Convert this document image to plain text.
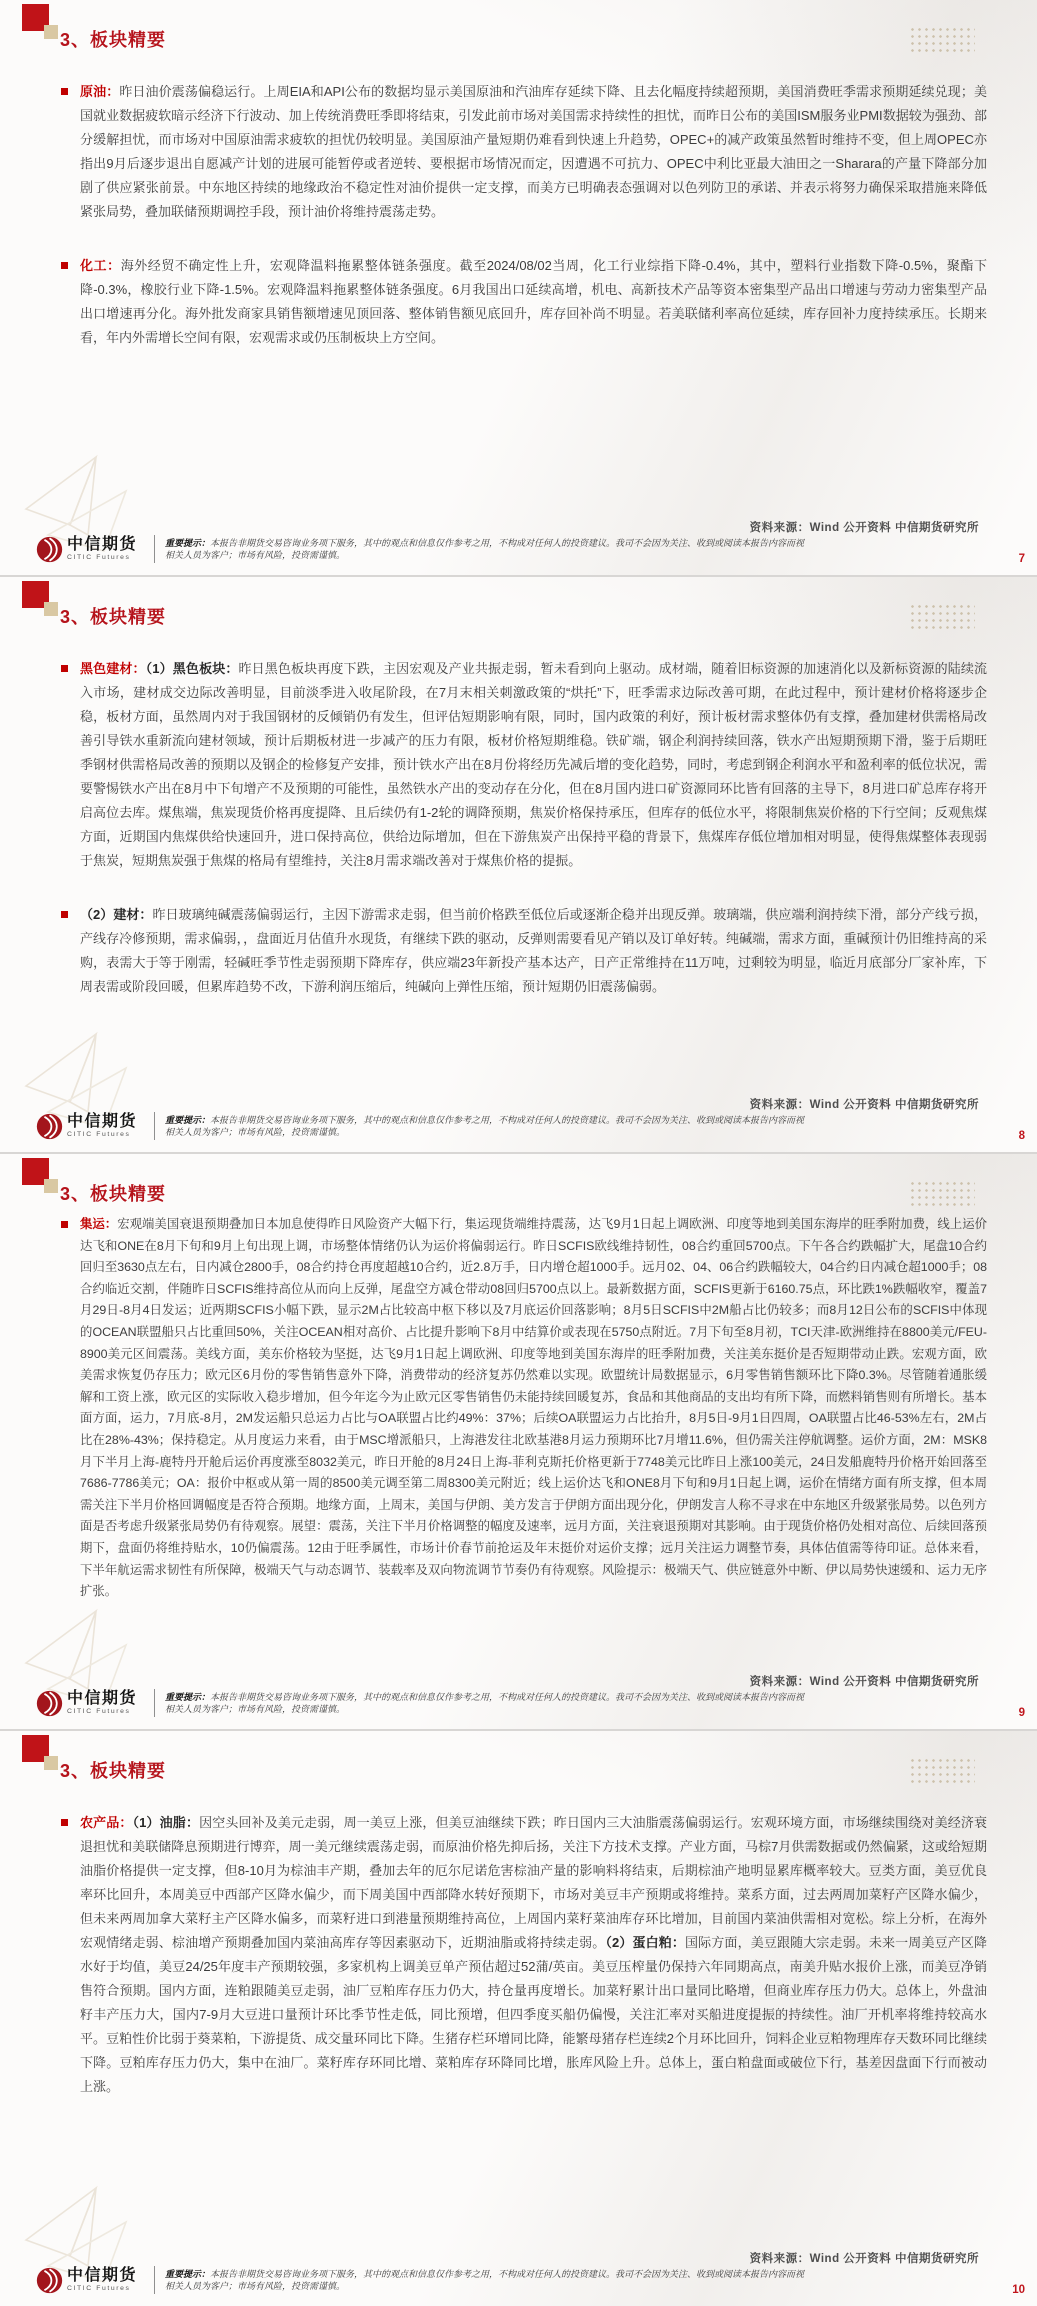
3、板块精要

原油：昨日油价震荡偏稳运行。上周EIA和API公布的数据均显示美国原油和汽油库存延续下降、且去化幅度持续超预期，美国消费旺季需求预期延续兑现；美国就业数据疲软暗示经济下行波动、加上传统消费旺季即将结束，引发此前市场对美国需求持续性的担忧，而昨日公布的美国ISM服务业PMI数据较为强劲、部分缓解担忧，而市场对中国原油需求疲软的担忧仍较明显。美国原油产量短期仍难看到快速上升趋势，OPEC+的减产政策虽然暂时维持不变，但上周OPEC亦指出9月后逐步退出自愿减产计划的进展可能暂停或者逆转、要根据市场情况而定，因遭遇不可抗力、OPEC中利比亚最大油田之一Sharara的产量下降部分加剧了供应紧张前景。中东地区持续的地缘政治不稳定性对油价提供一定支撑，而美方已明确表态强调对以色列防卫的承诺、并表示将努力确保采取措施来降低紧张局势，叠加联储预期调控手段，预计油价将维持震荡走势。

化工：海外经贸不确定性上升，宏观降温料拖累整体链条强度。截至2024/08/02当周，化工行业综指下降-0.4%，其中，塑料行业指数下降-0.5%，聚酯下降-0.3%，橡胶行业下降-1.5%。宏观降温料拖累整体链条强度。6月我国出口延续高增，机电、高新技术产品等资本密集型产品出口增速与劳动力密集型产品出口增速再分化。海外批发商家具销售额增速见顶回落、整体销售额见底回升，库存回补尚不明显。若美联储利率高位延续，库存回补力度持续承压。长期来看，年内外需增长空间有限，宏观需求或仍压制板块上方空间。

资料来源：Wind 公开资料 中信期货研究所
中信期货
CITIC Futures
重要提示：本报告非期货交易咨询业务项下服务，其中的观点和信息仅作参考之用，不构成对任何人的投资建议。我司不会因为关注、收到或阅读本报告内容而视相关人员为客户；市场有风险，投资需谨慎。	7
3、板块精要

黑色建材：（1）黑色板块：昨日黑色板块再度下跌，主因宏观及产业共振走弱，暂未看到向上驱动。成材端，随着旧标资源的加速消化以及新标资源的陆续流入市场，建材成交边际改善明显，目前淡季进入收尾阶段，在7月末相关刺激政策的“烘托”下，旺季需求边际改善可期，在此过程中，预计建材价格将逐步企稳，板材方面，虽然周内对于我国钢材的反倾销仍有发生，但评估短期影响有限，同时，国内政策的利好，预计板材需求整体仍有支撑，叠加建材供需格局改善引导铁水重新流向建材领域，预计后期板材进一步减产的压力有限，板材价格短期维稳。铁矿端，钢企利润持续回落，铁水产出短期预期下滑，鉴于后期旺季钢材供需格局改善的预期以及钢企的检修复产安排，预计铁水产出在8月份将经历先减后增的变化趋势，同时，考虑到钢企利润水平和盈利率的低位状况，需要警惕铁水产出在8月中下旬增产不及预期的可能性，虽然铁水产出的变动存在分化，但在8月国内进口矿资源同环比皆有回落的主导下，8月进口矿总库存将开启高位去库。煤焦端，焦炭现货价格再度提降、且后续仍有1-2轮的调降预期，焦炭价格保持承压，但库存的低位水平，将限制焦炭价格的下行空间；反观焦煤方面，近期国内焦煤供给快速回升，进口保持高位，供给边际增加，但在下游焦炭产出保持平稳的背景下，焦煤库存低位增加相对明显，使得焦煤整体表现弱于焦炭，短期焦炭强于焦煤的格局有望维持，关注8月需求端改善对于煤焦价格的提振。

（2）建材：昨日玻璃纯碱震荡偏弱运行，主因下游需求走弱，但当前价格跌至低位后或逐渐企稳并出现反弹。玻璃端，供应端利润持续下滑，部分产线亏损，产线存冷修预期，需求偏弱，，盘面近月估值升水现货，有继续下跌的驱动，反弹则需要看见产销以及订单好转。纯碱端，需求方面，重碱预计仍旧维持高的采购，表需大于等于刚需，轻碱旺季节性走弱预期下降库存，供应端23年新投产基本达产，日产正常维持在11万吨，过剩较为明显，临近月底部分厂家补库，下周表需或阶段回暖，但累库趋势不改，下游利润压缩后，纯碱向上弹性压缩，预计短期仍旧震荡偏弱。

资料来源：Wind 公开资料 中信期货研究所
中信期货
CITIC Futures
重要提示：本报告非期货交易咨询业务项下服务，其中的观点和信息仅作参考之用，不构成对任何人的投资建议。我司不会因为关注、收到或阅读本报告内容而视相关人员为客户；市场有风险，投资需谨慎。	8
3、板块精要

集运：宏观端美国衰退预期叠加日本加息使得昨日风险资产大幅下行，集运现货端维持震荡，达飞9月1日起上调欧洲、印度等地到美国东海岸的旺季附加费，线上运价达飞和ONE在8月下旬和9月上旬出现上调，市场整体情绪仍认为运价将偏弱运行。昨日SCFIS欧线维持韧性，08合约重回5700点。下午各合约跌幅扩大，尾盘10合约回归至3630点左右，日内减仓2800手，08合约持仓再度超越10合约，近2.8万手，日内增仓超1000手。远月02、04、06合约跌幅较大，04合约日内减仓超1000手；08合约临近交割，伴随昨日SCFIS维持高位从而向上反弹，尾盘空方减仓带动08回归5700点以上。最新数据方面，SCFIS更新于6160.75点，环比跌1%跌幅收窄，覆盖7月29日-8月4日发运；近两期SCFIS小幅下跌，显示2M占比较高中枢下移以及7月底运价回落影响；8月5日SCFIS中2M船占比仍较多；而8月12日公布的SCFIS中体现的OCEAN联盟船只占比重回50%，关注OCEAN相对高价、占比提升影响下8月中结算价或表现在5750点附近。7月下旬至8月初，TCI天津-欧洲维持在8800美元/FEU-8900美元区间震荡。美线方面，美东价格较为坚挺，达飞9月1日起上调欧洲、印度等地到美国东海岸的旺季附加费，关注美东挺价是否短期带动止跌。宏观方面，欧美需求恢复仍存压力；欧元区6月份的零售销售意外下降，消费带动的经济复苏仍然难以实现。欧盟统计局数据显示，6月零售销售额环比下降0.3%。尽管随着通胀缓解和工资上涨，欧元区的实际收入稳步增加，但今年迄今为止欧元区零售销售仍未能持续回暖复苏，食品和其他商品的支出均有所下降，而燃料销售则有所增长。基本面方面，运力，7月底-8月，2M发运船只总运力占比与OA联盟占比约49%：37%；后续OA联盟运力占比抬升，8月5日-9月1日四周，OA联盟占比46-53%左右，2M占比在28%-43%；保持稳定。从月度运力来看，由于MSC增派船只，上海港发往北欧基港8月运力预期环比7月增11.6%，但仍需关注停航调整。运价方面，2M：MSK8月下半月上海-鹿特丹开舱后运价再度涨至8032美元，昨日开舱的8月24日上海-菲利克斯托价格更新于7748美元比昨日上涨100美元，24日发船鹿特丹价格开始回落至7686-7786美元；OA：报价中枢或从第一周的8500美元调至第二周8300美元附近；线上运价达飞和ONE8月下旬和9月1日起上调，运价在情绪方面有所支撑，但本周需关注下半月价格回调幅度是否符合预期。地缘方面，上周末，美国与伊朗、美方发言于伊朗方面出现分化，伊朗发言人称不寻求在中东地区升级紧张局势。以色列方面是否考虑升级紧张局势仍有待观察。展望：震荡，关注下半月价格调整的幅度及速率，远月方面，关注衰退预期对其影响。由于现货价格仍处相对高位、后续回落预期下，盘面仍将维持贴水，10仍偏震荡。12由于旺季属性，市场计价春节前抢运及年末挺价对运价支撑；远月关注运力调整节奏，具体估值需等待印证。总体来看，下半年航运需求韧性有所保障，极端天气与动态调节、装载率及双向物流调节节奏仍有待观察。风险提示：极端天气、供应链意外中断、伊以局势快速缓和、运力无序扩张。

资料来源：Wind 公开资料 中信期货研究所
中信期货
CITIC Futures
重要提示：本报告非期货交易咨询业务项下服务，其中的观点和信息仅作参考之用，不构成对任何人的投资建议。我司不会因为关注、收到或阅读本报告内容而视相关人员为客户；市场有风险，投资需谨慎。	9
3、板块精要

农产品：（1）油脂：因空头回补及美元走弱，周一美豆上涨，但美豆油继续下跌；昨日国内三大油脂震荡偏弱运行。宏观环境方面，市场继续围绕对美经济衰退担忧和美联储降息预期进行博弈，周一美元继续震荡走弱，而原油价格先抑后扬，关注下方技术支撑。产业方面，马棕7月供需数据或仍然偏紧，这或给短期油脂价格提供一定支撑，但8-10月为棕油丰产期，叠加去年的厄尔尼诺危害棕油产量的影响料将结束，后期棕油产地明显累库概率较大。豆类方面，美豆优良率环比回升，本周美豆中西部产区降水偏少，而下周美国中西部降水转好预期下，市场对美豆丰产预期或将维持。菜系方面，过去两周加菜籽产区降水偏少，但未来两周加拿大菜籽主产区降水偏多，而菜籽进口到港量预期维持高位，上周国内菜籽菜油库存环比增加，目前国内菜油供需相对宽松。综上分析，在海外宏观情绪走弱、棕油增产预期叠加国内菜油高库存等因素驱动下，近期油脂或将持续走弱。（2）蛋白粕：国际方面，美豆跟随大宗走弱。未来一周美豆产区降水好于均值，美豆24/25年度丰产预期较强，多家机构上调美豆单产预估超过52蒲/英亩。美豆压榨量仍保持六年同期高点，南美升贴水报价上涨，而美豆净销售符合预期。国内方面，连粕跟随美豆走弱，油厂豆粕库存压力仍大，持仓量再度增长。加菜籽累计出口量同比略增，但商业库存压力仍大。总体上，外盘油籽丰产压力大，国内7-9月大豆进口量预计环比季节性走低，同比预增，但四季度买船仍偏慢，关注汇率对买船进度提振的持续性。油厂开机率将维持较高水平。豆粕性价比弱于葵菜粕，下游提货、成交量环同比下降。生猪存栏环增同比降，能繁母猪存栏连续2个月环比回升，饲料企业豆粕物理库存天数环同比继续下降。豆粕库存压力仍大，集中在油厂。菜籽库存环同比增、菜粕库存环降同比增，胀库风险上升。总体上，蛋白粕盘面或破位下行，基差因盘面下行而被动上涨。

资料来源：Wind 公开资料 中信期货研究所
中信期货
CITIC Futures
重要提示：本报告非期货交易咨询业务项下服务，其中的观点和信息仅作参考之用，不构成对任何人的投资建议。我司不会因为关注、收到或阅读本报告内容而视相关人员为客户；市场有风险，投资需谨慎。	10
